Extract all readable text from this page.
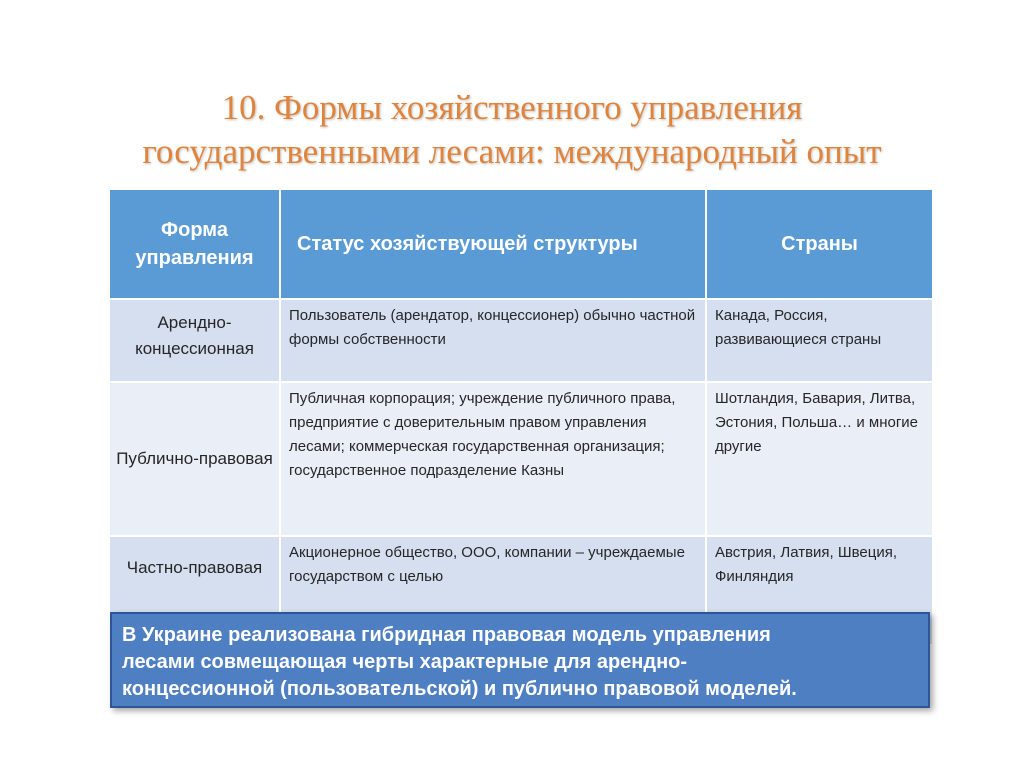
10. Формы хозяйственного управления
государственными лесами: международный опыт
Форма управления	Статус хозяйствующей структуры	Страны
Арендно-концессионная	Пользователь (арендатор, концессионер) обычно частной формы собственности	Канада, Россия, развивающиеся страны
Публично-правовая	Публичная корпорация; учреждение публичного права, предприятие с доверительным правом управления лесами; коммерческая государственная организация; государственное подразделение Казны	Шотландия, Бавария, Литва, Эстония, Польша… и многие другие
Частно-правовая	Акционерное общество, ООО, компании – учреждаемые государством с целью	Австрия, Латвия, Швеция, Финляндия
В Украине реализована гибридная правовая модель управления
лесами совмещающая черты характерные для арендно-
концессионной (пользовательской) и публично правовой моделей.
